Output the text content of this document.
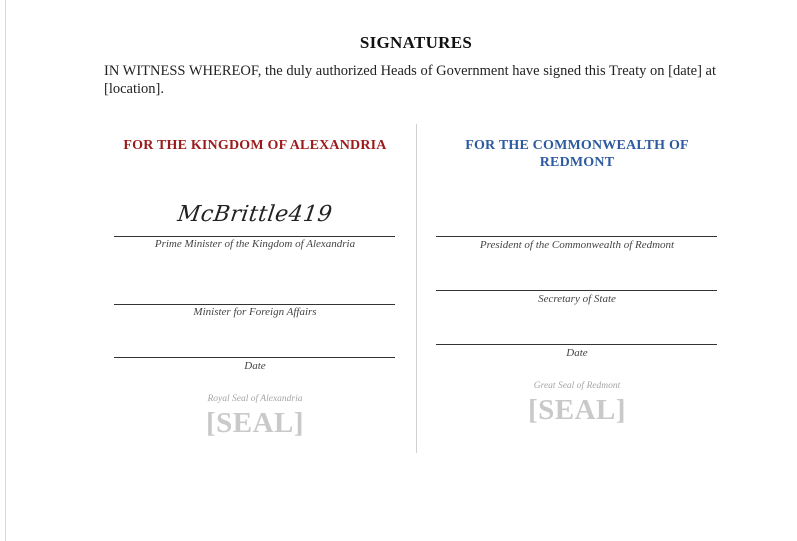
SIGNATURES
IN WITNESS WHEREOF, the duly authorized Heads of Government have signed this Treaty on [date] at [location].
FOR THE KINGDOM OF ALEXANDRIA
McBrittle419
Prime Minister of the Kingdom of Alexandria
Minister for Foreign Affairs
Date
Royal Seal of Alexandria
[SEAL]
FOR THE COMMONWEALTH OF REDMONT
President of the Commonwealth of Redmont
Secretary of State
Date
Great Seal of Redmont
[SEAL]
